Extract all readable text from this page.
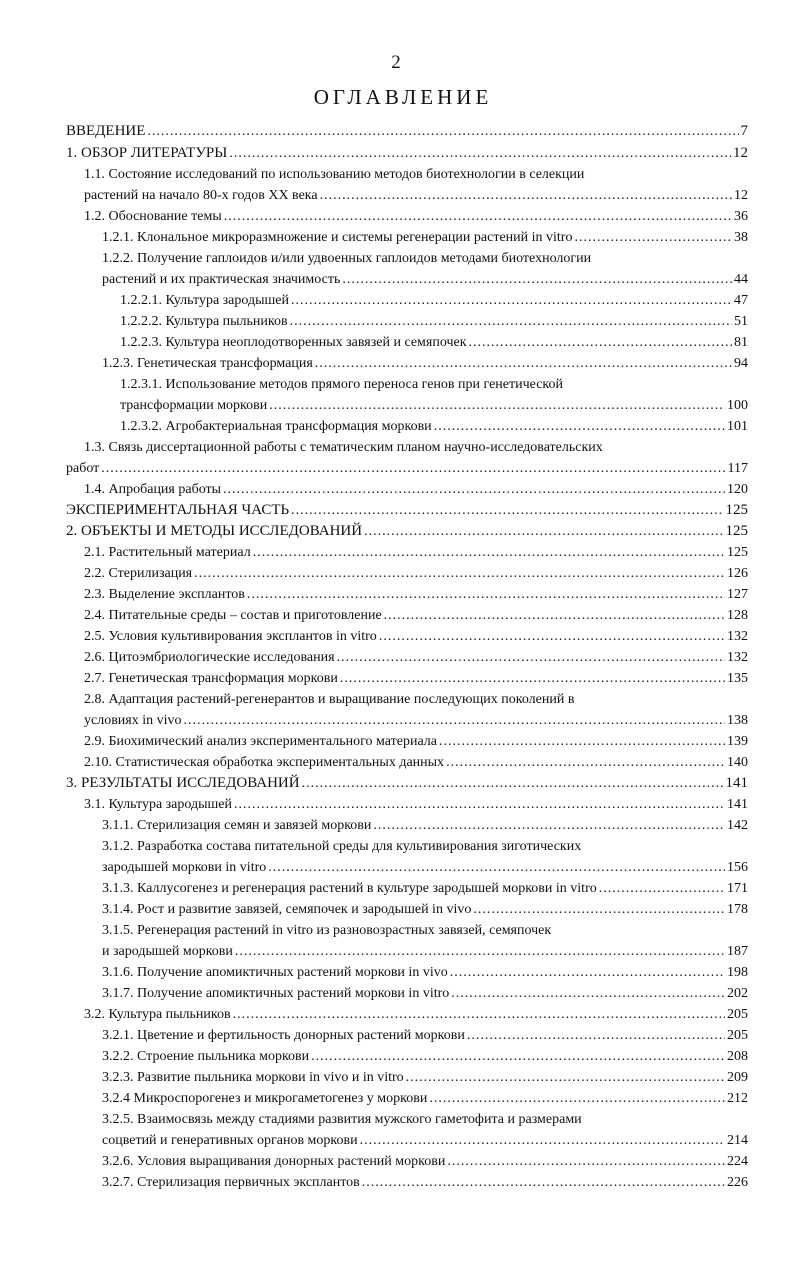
2
ОГЛАВЛЕНИЕ
ВВЕДЕНИЕ .....	7
1. ОБЗОР ЛИТЕРАТУРЫ .....	12
1.1. Состояние исследований по использованию методов биотехнологии в селекции
растений на начало 80-х годов XX века .....	12
1.2. Обоснование темы .....	36
1.2.1. Клональное микроразмножение и системы регенерации растений in vitro .....	38
1.2.2. Получение гаплоидов и/или удвоенных гаплоидов методами биотехнологии
растений и их практическая значимость .....	44
1.2.2.1. Культура зародышей .....	47
1.2.2.2. Культура пыльников .....	51
1.2.2.3. Культура неоплодотворенных завязей и семяпочек .....	81
1.2.3. Генетическая трансформация .....	94
1.2.3.1. Использование методов прямого переноса генов при генетической
трансформации моркови .....	100
1.2.3.2. Агробактериальная трансформация моркови .....	101
1.3. Связь диссертационной работы с тематическим планом научно-исследовательских
работ .....	117
1.4. Апробация работы .....	120
ЭКСПЕРИМЕНТАЛЬНАЯ ЧАСТЬ .....	125
2. ОБЪЕКТЫ И МЕТОДЫ ИССЛЕДОВАНИЙ .....	125
2.1. Растительный материал .....	125
2.2. Стерилизация .....	126
2.3. Выделение эксплантов .....	127
2.4. Питательные среды – состав и приготовление .....	128
2.5. Условия культивирования эксплантов in vitro .....	132
2.6. Цитоэмбриологические исследования .....	132
2.7. Генетическая трансформация моркови .....	135
2.8. Адаптация растений-регенерантов и выращивание последующих поколений в
условиях in vivo .....	138
2.9. Биохимический анализ экспериментального материала .....	139
2.10. Статистическая обработка экспериментальных данных .....	140
3. РЕЗУЛЬТАТЫ ИССЛЕДОВАНИЙ .....	141
3.1. Культура зародышей .....	141
3.1.1. Стерилизация семян и завязей моркови .....	142
3.1.2. Разработка состава питательной среды для культивирования зиготических
зародышей моркови in vitro .....	156
3.1.3. Каллусогенез и регенерация растений в культуре зародышей моркови in vitro .....	171
3.1.4. Рост и развитие завязей, семяпочек и зародышей in vivo .....	178
3.1.5. Регенерация растений in vitro из разновозрастных завязей, семяпочек
и зародышей моркови .....	187
3.1.6. Получение апомиктичных растений моркови in vivo .....	198
3.1.7. Получение апомиктичных растений моркови in vitro .....	202
3.2. Культура пыльников .....	205
3.2.1. Цветение и фертильность донорных растений моркови .....	205
3.2.2. Строение пыльника моркови .....	208
3.2.3. Развитие пыльника моркови in vivo и in vitro .....	209
3.2.4 Микроспорогенез и микрогаметогенез у моркови .....	212
3.2.5. Взаимосвязь между стадиями развития мужского гаметофита и размерами
соцветий и генеративных органов моркови .....	214
3.2.6. Условия выращивания донорных растений моркови .....	224
3.2.7. Стерилизация первичных эксплантов .....	226
